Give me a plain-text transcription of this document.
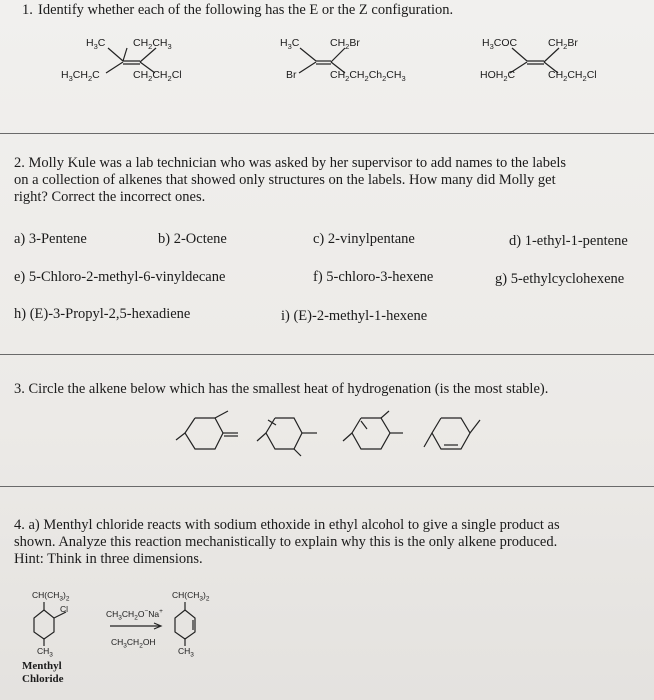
1. Identify whether each of the following has the E or the Z configuration.
$H_3C$	$CH_2CH_3$
$H_3CH_2C$	$CH_2CH_2Cl$
$H_3C$	$CH_2Br$
Br	$CH_2CH_2Ch_2CH_3$
$H_3COC$	$CH_2Br$
$HOH_2C$	$CH_2CH_2Cl$
2. Molly Kule was a lab technician who was asked by her supervisor to add names to the labels
on a collection of alkenes that showed only structures on the labels. How many did Molly get
right? Correct the incorrect ones.
a) 3-Pentene	b) 2-Octene	c) 2-vinylpentane	d) 1-ethyl-1-pentene
e) 5-Chloro-2-methyl-6-vinyldecane	f) 5-chloro-3-hexene	g) 5-ethylcyclohexene
h) (E)-3-Propyl-2,5-hexadiene	i) (E)-2-methyl-1-hexene
3. Circle the alkene below which has the smallest heat of hydrogenation (is the most stable).
4. a) Menthyl chloride reacts with sodium ethoxide in ethyl alcohol to give a single product as
shown. Analyze this reaction mechanistically to explain why this is the only alkene produced.
Hint: Think in three dimensions.
$CH(CH_3)_2$
Cl
$CH_3$
$CH_3CH_2O^-Na^+$
$CH_3CH_2OH$
$CH(CH_3)_2$
$CH_3$
Menthyl
Chloride
